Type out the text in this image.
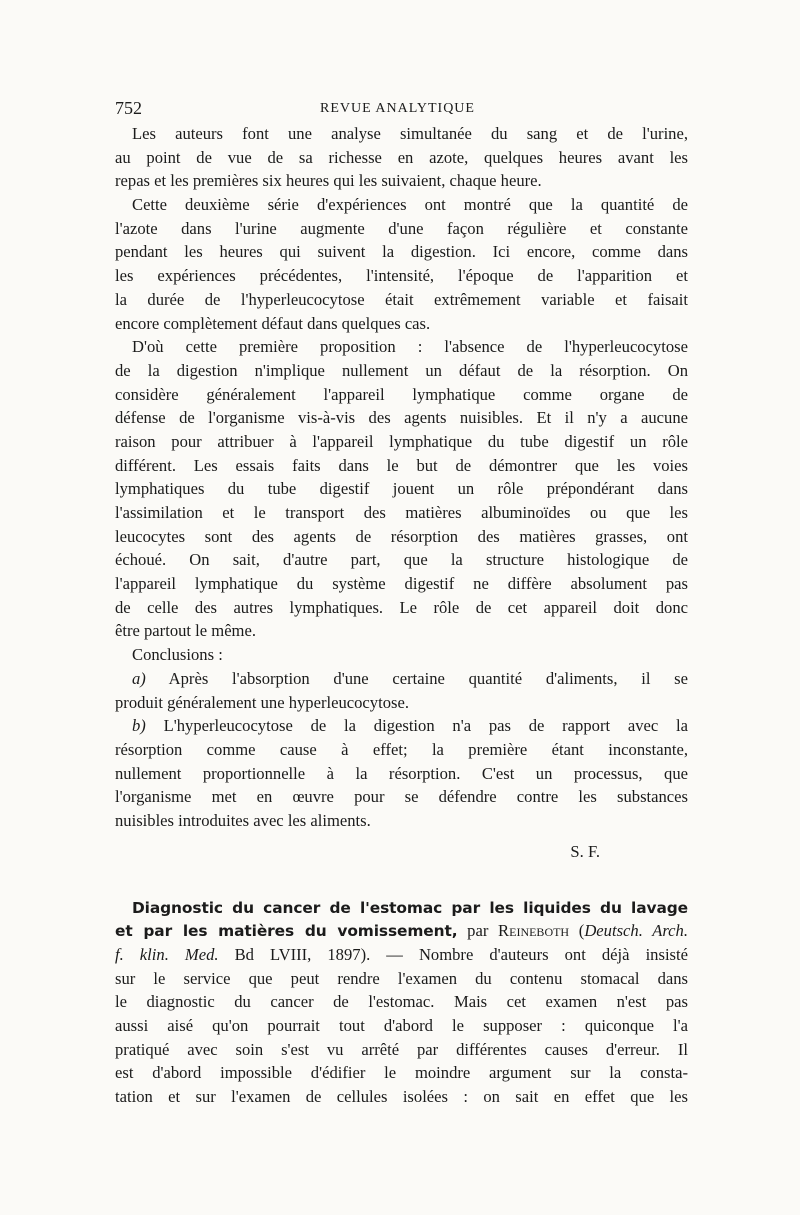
752	REVUE ANALYTIQUE
Les auteurs font une analyse simultanée du sang et de l'urine,
au point de vue de sa richesse en azote, quelques heures avant les
repas et les premières six heures qui les suivaient, chaque heure.
Cette deuxième série d'expériences ont montré que la quantité de
l'azote dans l'urine augmente d'une façon régulière et constante
pendant les heures qui suivent la digestion. Ici encore, comme dans
les expériences précédentes, l'intensité, l'époque de l'apparition et
la durée de l'hyperleucocytose était extrêmement variable et faisait
encore complètement défaut dans quelques cas.
D'où cette première proposition : l'absence de l'hyperleucocytose
de la digestion n'implique nullement un défaut de la résorption. On
considère généralement l'appareil lymphatique comme organe de
défense de l'organisme vis-à-vis des agents nuisibles. Et il n'y a aucune
raison pour attribuer à l'appareil lymphatique du tube digestif un rôle
différent. Les essais faits dans le but de démontrer que les voies
lymphatiques du tube digestif jouent un rôle prépondérant dans
l'assimilation et le transport des matières albuminoïdes ou que les
leucocytes sont des agents de résorption des matières grasses, ont
échoué. On sait, d'autre part, que la structure histologique de
l'appareil lymphatique du système digestif ne diffère absolument pas
de celle des autres lymphatiques. Le rôle de cet appareil doit donc
être partout le même.
Conclusions :
a) Après l'absorption d'une certaine quantité d'aliments, il se
produit généralement une hyperleucocytose.
b) L'hyperleucocytose de la digestion n'a pas de rapport avec la
résorption comme cause à effet; la première étant inconstante,
nullement proportionnelle à la résorption. C'est un processus, que
l'organisme met en œuvre pour se défendre contre les substances
nuisibles introduites avec les aliments.
S. F.
Diagnostic du cancer de l'estomac par les liquides du lavage
et par les matières du vomissement, par Reineboth (Deutsch. Arch.
f. klin. Med. Bd LVIII, 1897). — Nombre d'auteurs ont déjà insisté
sur le service que peut rendre l'examen du contenu stomacal dans
le diagnostic du cancer de l'estomac. Mais cet examen n'est pas
aussi aisé qu'on pourrait tout d'abord le supposer : quiconque l'a
pratiqué avec soin s'est vu arrêté par différentes causes d'erreur. Il
est d'abord impossible d'édifier le moindre argument sur la consta-
tation et sur l'examen de cellules isolées : on sait en effet que les
